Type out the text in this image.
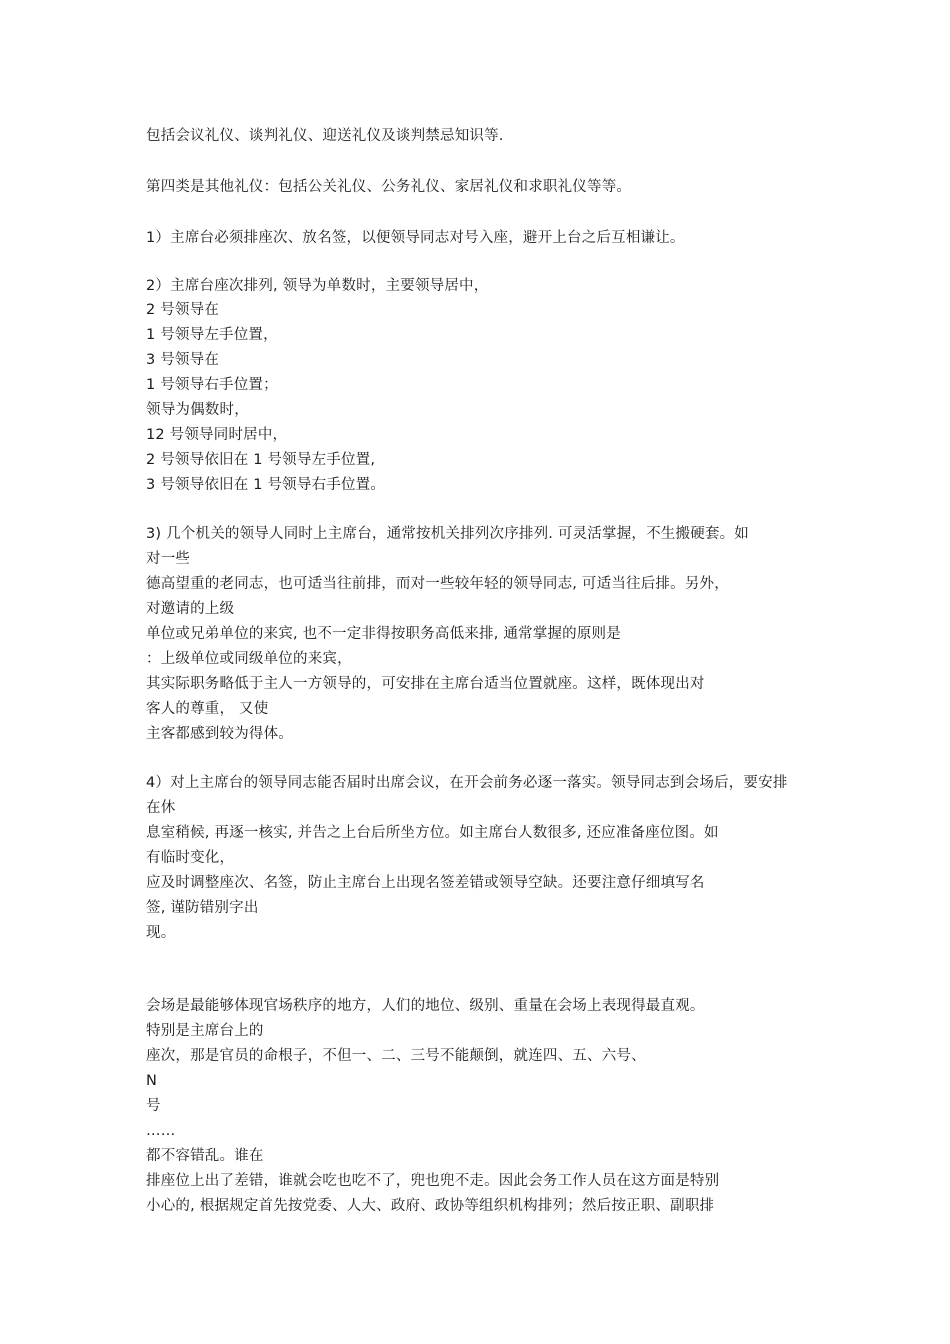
包括会议礼仪、谈判礼仪、迎送礼仪及谈判禁忌知识等.
第四类是其他礼仪：包括公关礼仪、公务礼仪、家居礼仪和求职礼仪等等。
1）主席台必须排座次、放名签，以便领导同志对号入座，避开上台之后互相谦让。
2）主席台座次排列, 领导为单数时，主要领导居中，
2 号领导在
1 号领导左手位置，
3 号领导在
1 号领导右手位置；
领导为偶数时，
12 号领导同时居中，
2 号领导依旧在 1 号领导左手位置,
3 号领导依旧在 1 号领导右手位置。
3) 几个机关的领导人同时上主席台，通常按机关排列次序排列. 可灵活掌握，不生搬硬套。如
对一些
德高望重的老同志，也可适当往前排，而对一些较年轻的领导同志, 可适当往后排。另外，
对邀请的上级
单位或兄弟单位的来宾, 也不一定非得按职务高低来排, 通常掌握的原则是
：上级单位或同级单位的来宾，
其实际职务略低于主人一方领导的，可安排在主席台适当位置就座。这样，既体现出对
客人的尊重， 又使
主客都感到较为得体。
4）对上主席台的领导同志能否届时出席会议，在开会前务必逐一落实。领导同志到会场后，要安排
在休
息室稍候, 再逐一核实, 并告之上台后所坐方位。如主席台人数很多, 还应准备座位图。如
有临时变化，
应及时调整座次、名签，防止主席台上出现名签差错或领导空缺。还要注意仔细填写名
签, 谨防错别字出
现。
会场是最能够体现官场秩序的地方，人们的地位、级别、重量在会场上表现得最直观。
特别是主席台上的
座次，那是官员的命根子，不但一、二、三号不能颠倒，就连四、五、六号、
N
号
……
都不容错乱。谁在
排座位上出了差错，谁就会吃也吃不了，兜也兜不走。因此会务工作人员在这方面是特别
小心的, 根据规定首先按党委、人大、政府、政协等组织机构排列；然后按正职、副职排
